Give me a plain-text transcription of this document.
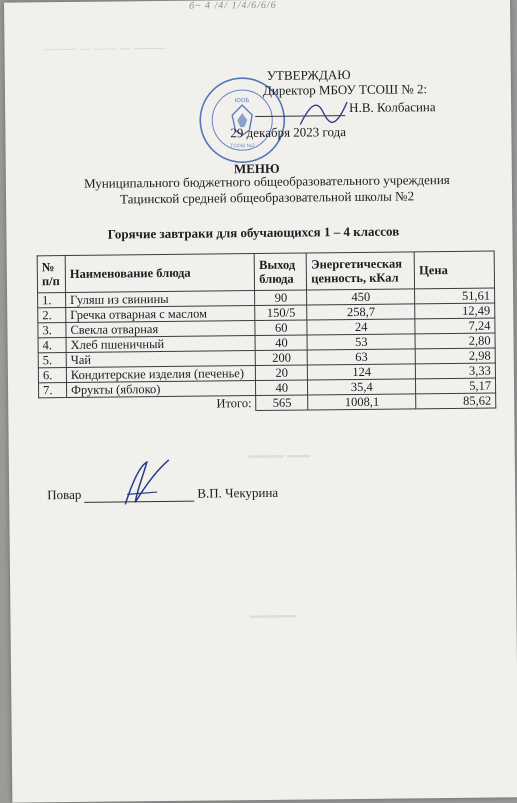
─── ─ ── ─ ───
▁▁▁ ▁▁
▁▁▁▁
б~ 4 /4/ 1/4/6/6/6
ЮОБ
ТСОШ №2
УТВЕРЖДАЮ
Директор МБОУ ТСОШ № 2:
Н.В. Колбасина
29 декабря 2023 года
МЕНЮ
Муниципального бюджетного общеобразовательного учреждения
Тацинской средней общеобразовательной школы №2
Горячие завтраки для обучающихся 1 – 4 классов
№ п/п	Наименование блюда	Выход блюда	Энергетическая ценность, кКал	Цена
1.	Гуляш из свинины	90	450	51,61
2.	Гречка отварная с маслом	150/5	258,7	12,49
3.	Свекла отварная	60	24	7,24
4.	Хлеб пшеничный	40	53	2,80
5.	Чай	200	63	2,98
6.	Кондитерские изделия (печенье)	20	124	3,33
7.	Фрукты (яблоко)	40	35,4	5,17
	Итого:	565	1008,1	85,62
Повар	В.П. Чекурина
